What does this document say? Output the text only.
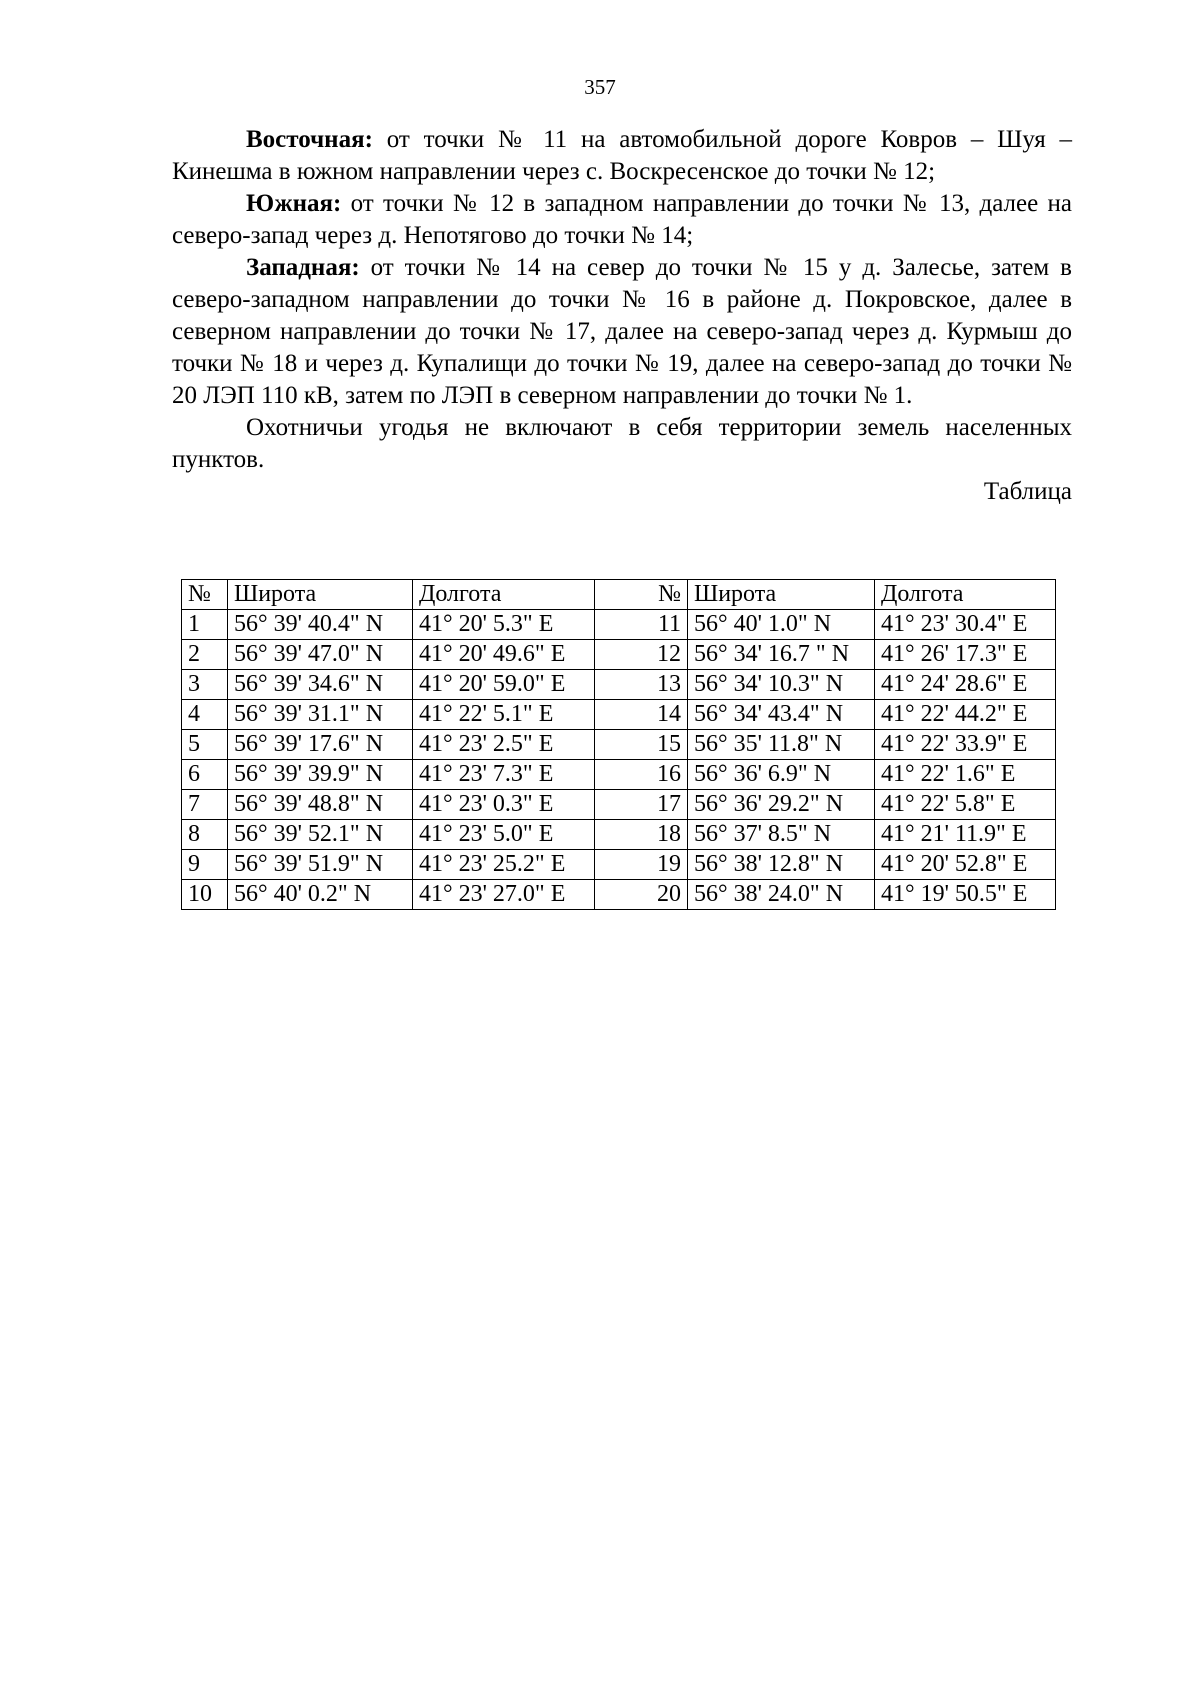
357

Восточная: от точки № 11 на автомобильной дороге Ковров – Шуя – Кинешма в южном направлении через с. Воскресенское до точки № 12;

Южная: от точки № 12 в западном направлении до точки № 13, далее на северо-запад через д. Непотягово до точки № 14;

Западная: от точки № 14 на север до точки № 15 у д. Залесье, затем в северо-западном направлении до точки № 16 в районе д. Покровское, далее в северном направлении до точки № 17, далее на северо-запад через д. Курмыш до точки № 18 и через д. Купалищи до точки № 19, далее на северо-запад до точки № 20 ЛЭП 110 кВ, затем по ЛЭП в северном направлении до точки № 1.

Охотничьи угодья не включают в себя территории земель населенных пунктов.

Таблица

№	Широта	Долгота	№	Широта	Долгота
1	56° 39' 40.4" N	41° 20' 5.3" E	11	56° 40' 1.0" N	41° 23' 30.4" E
2	56° 39' 47.0" N	41° 20' 49.6" E	12	56° 34' 16.7 " N	41° 26' 17.3" E
3	56° 39' 34.6" N	41° 20' 59.0" E	13	56° 34' 10.3" N	41° 24' 28.6" E
4	56° 39' 31.1" N	41° 22' 5.1" E	14	56° 34' 43.4" N	41° 22' 44.2" E
5	56° 39' 17.6" N	41° 23' 2.5" E	15	56° 35' 11.8" N	41° 22' 33.9" E
6	56° 39' 39.9" N	41° 23' 7.3" E	16	56° 36' 6.9" N	41° 22' 1.6" E
7	56° 39' 48.8" N	41° 23' 0.3" E	17	56° 36' 29.2" N	41° 22' 5.8" E
8	56° 39' 52.1" N	41° 23' 5.0" E	18	56° 37' 8.5" N	41° 21' 11.9" E
9	56° 39' 51.9" N	41° 23' 25.2" E	19	56° 38' 12.8" N	41° 20' 52.8" E
10	56° 40' 0.2" N	41° 23' 27.0" E	20	56° 38' 24.0" N	41° 19' 50.5" E
